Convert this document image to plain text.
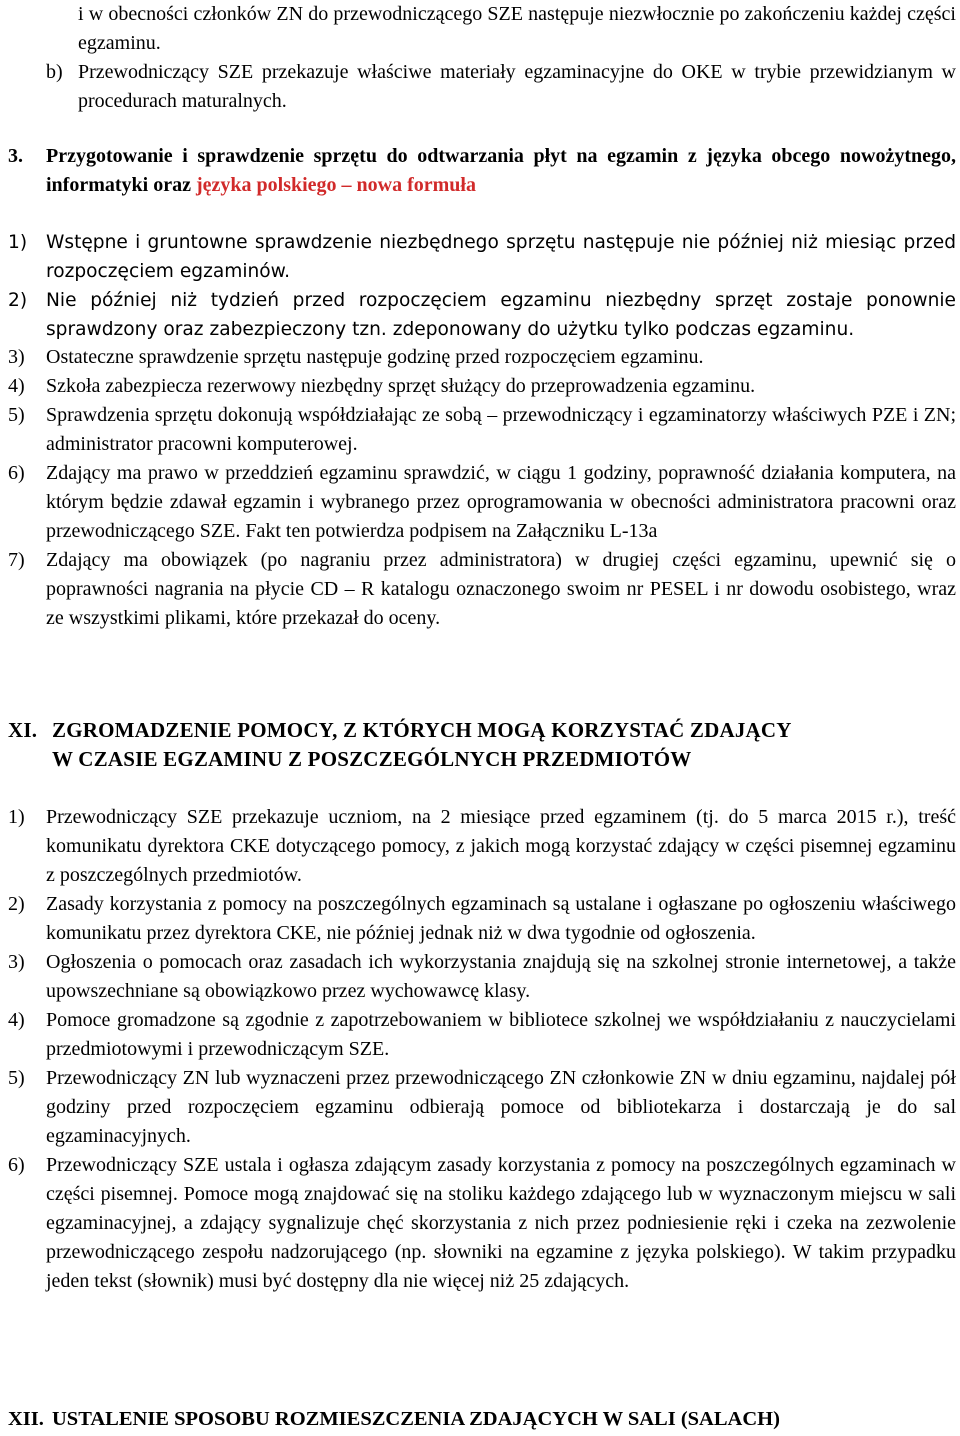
i w obecności członków ZN do przewodniczącego SZE następuje niezwłocznie po zakończeniu każdej części egzaminu.

b) Przewodniczący SZE przekazuje właściwe materiały egzaminacyjne do OKE w trybie przewidzianym w procedurach maturalnych.

3. Przygotowanie i sprawdzenie sprzętu do odtwarzania płyt na egzamin z języka obcego nowożytnego, informatyki oraz języka polskiego – nowa formuła

1) Wstępne i gruntowne sprawdzenie niezbędnego sprzętu następuje nie później niż miesiąc przed rozpoczęciem egzaminów.

2) Nie później niż tydzień przed rozpoczęciem egzaminu niezbędny sprzęt zostaje ponownie sprawdzony oraz zabezpieczony tzn. zdeponowany do użytku tylko podczas egzaminu.

3) Ostateczne sprawdzenie sprzętu następuje godzinę przed rozpoczęciem egzaminu.

4) Szkoła zabezpiecza rezerwowy niezbędny sprzęt służący do przeprowadzenia egzaminu.

5) Sprawdzenia sprzętu dokonują współdziałając ze sobą – przewodniczący i egzaminatorzy właściwych PZE i ZN; administrator pracowni komputerowej.

6) Zdający ma prawo w przeddzień egzaminu sprawdzić, w ciągu 1 godziny, poprawność działania komputera, na którym będzie zdawał egzamin i wybranego przez oprogramowania w obecności administratora pracowni oraz przewodniczącego SZE. Fakt ten potwierdza podpisem na Załączniku L-13a

7) Zdający ma obowiązek (po nagraniu przez administratora) w drugiej części egzaminu, upewnić się o poprawności nagrania na płycie CD – R katalogu oznaczonego swoim nr PESEL i nr dowodu osobistego, wraz ze wszystkimi plikami, które przekazał do oceny.

XI. ZGROMADZENIE POMOCY, Z KTÓRYCH MOGĄ KORZYSTAĆ ZDAJĄCY
W CZASIE EGZAMINU Z POSZCZEGÓLNYCH PRZEDMIOTÓW

1) Przewodniczący SZE przekazuje uczniom, na 2 miesiące przed egzaminem (tj. do 5 marca 2015 r.), treść komunikatu dyrektora CKE dotyczącego pomocy, z jakich mogą korzystać zdający w części pisemnej egzaminu z poszczególnych przedmiotów.

2) Zasady korzystania z pomocy na poszczególnych egzaminach są ustalane i ogłaszane po ogłoszeniu właściwego komunikatu przez dyrektora CKE, nie później jednak niż w dwa tygodnie od ogłoszenia.

3) Ogłoszenia o pomocach oraz zasadach ich wykorzystania znajdują się na szkolnej stronie internetowej, a także upowszechniane są obowiązkowo przez wychowawcę klasy.

4) Pomoce gromadzone są zgodnie z zapotrzebowaniem w bibliotece szkolnej we współdziałaniu z nauczycielami przedmiotowymi i przewodniczącym SZE.

5) Przewodniczący ZN lub wyznaczeni przez przewodniczącego ZN członkowie ZN w dniu egzaminu, najdalej pół godziny przed rozpoczęciem egzaminu odbierają pomoce od bibliotekarza i dostarczają je do sal egzaminacyjnych.

6) Przewodniczący SZE ustala i ogłasza zdającym zasady korzystania z pomocy na poszczególnych egzaminach w części pisemnej. Pomoce mogą znajdować się na stoliku każdego zdającego lub w wyznaczonym miejscu w sali egzaminacyjnej, a zdający sygnalizuje chęć skorzystania z nich przez podniesienie ręki i czeka na zezwolenie przewodniczącego zespołu nadzorującego (np. słowniki na egzamine z języka polskiego). W takim przypadku jeden tekst (słownik) musi być dostępny dla nie więcej niż 25 zdających.

XII. USTALENIE SPOSOBU ROZMIESZCZENIA ZDAJĄCYCH W SALI (SALACH)
